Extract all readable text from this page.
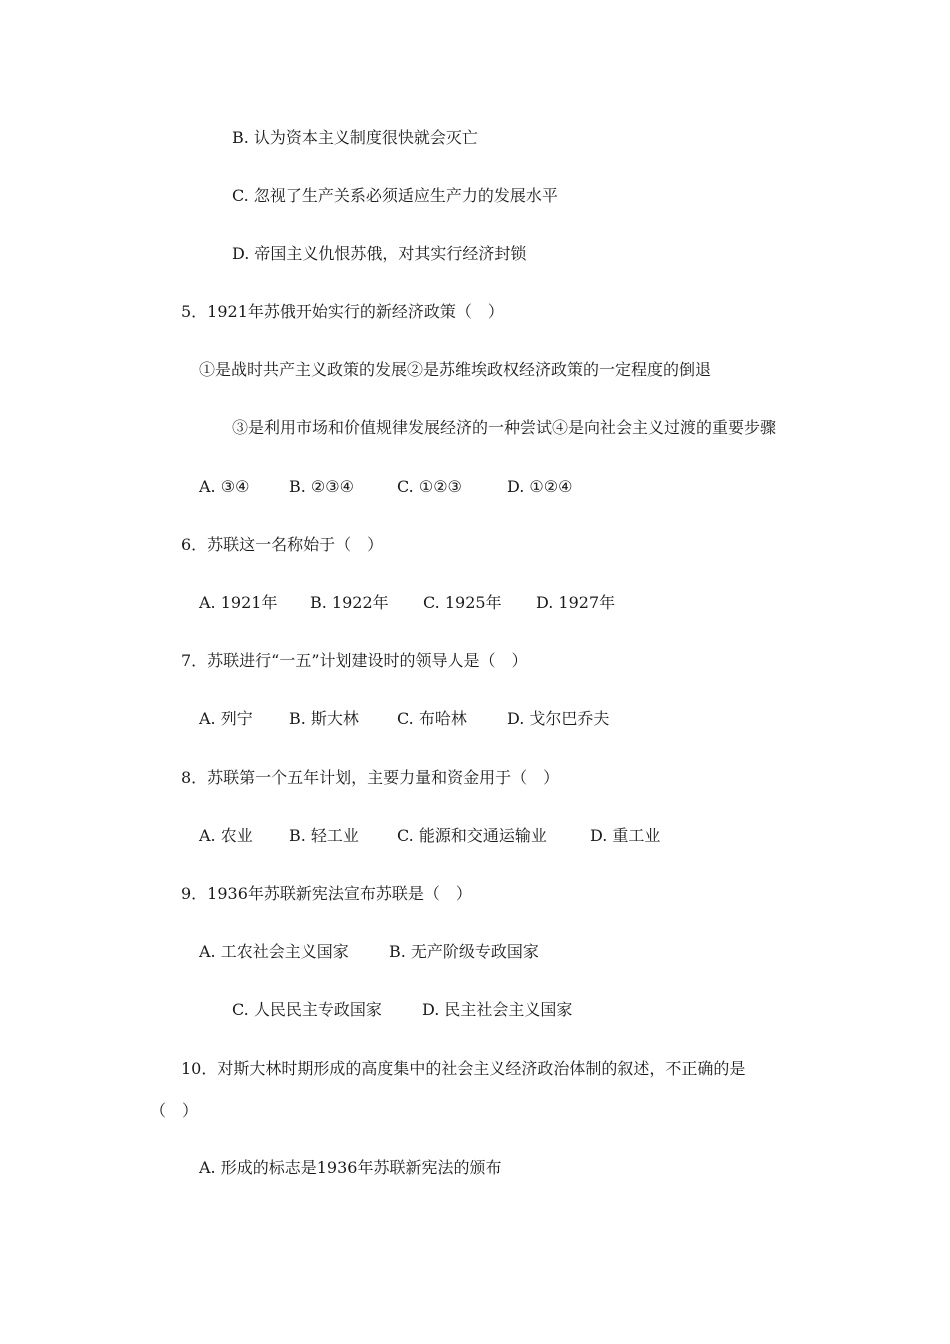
B. 认为资本主义制度很快就会灭亡
C. 忽视了生产关系必须适应生产力的发展水平
D. 帝国主义仇恨苏俄，对其实行经济封锁
5．1921年苏俄开始实行的新经济政策（　）
①是战时共产主义政策的发展②是苏维埃政权经济政策的一定程度的倒退
③是利用市场和价值规律发展经济的一种尝试④是向社会主义过渡的重要步骤
A. ③④ B. ②③④	C. ①②③	D. ①②④
6．苏联这一名称始于（　）
A. 1921年 B. 1922年 C. 1925年 D. 1927年
7．苏联进行“一五”计划建设时的领导人是（　）
A. 列宁 B. 斯大林 C. 布哈林	D. 戈尔巴乔夫
8．苏联第一个五年计划，主要力量和资金用于（　）
A. 农业 B. 轻工业 C. 能源和交通运输业	D. 重工业
9．1936年苏联新宪法宣布苏联是（　）
A. 工农社会主义国家	B. 无产阶级专政国家
C. 人民民主专政国家	D. 民主社会主义国家
10．对斯大林时期形成的高度集中的社会主义经济政治体制的叙述，不正确的是
（　）
A. 形成的标志是1936年苏联新宪法的颁布
